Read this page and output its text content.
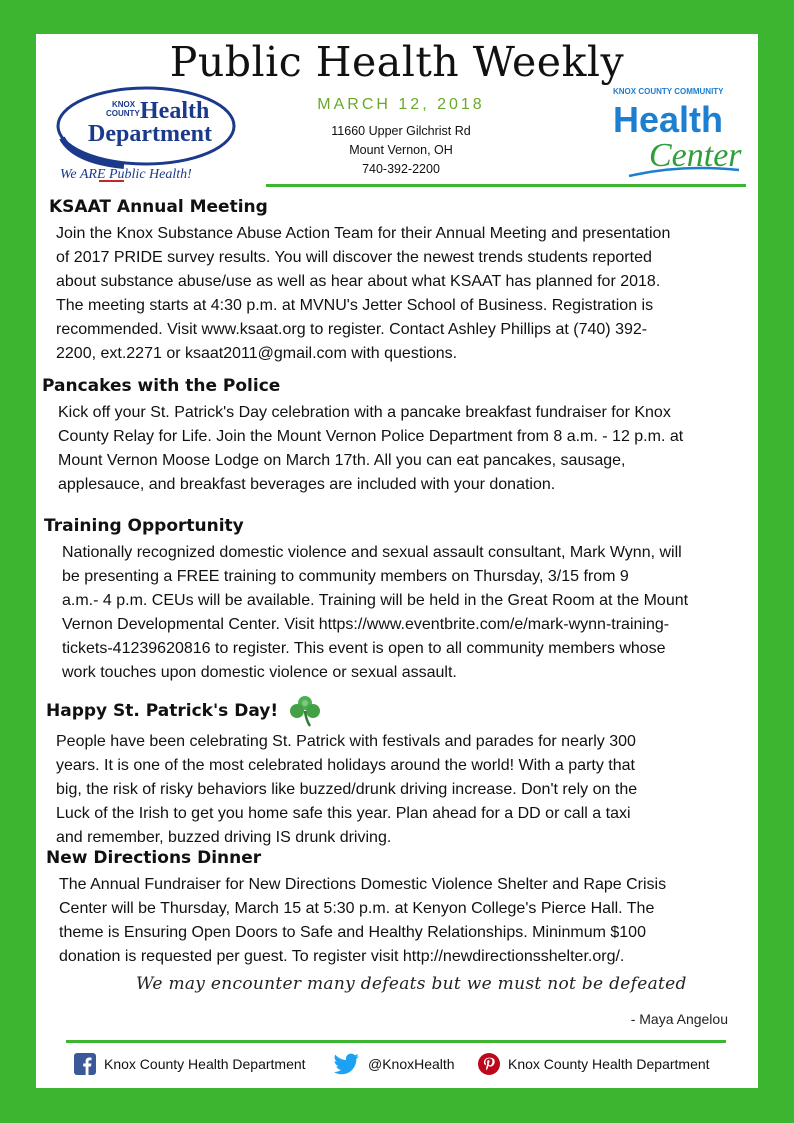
Public Health Weekly
KNOX
COUNTY Health
Department
We ARE Public Health!
MARCH 12, 2018
11660 Upper Gilchrist Rd
Mount Vernon, OH
740-392-2200
KNOX COUNTY COMMUNITY
Health
Center
KSAAT Annual Meeting

Join the Knox Substance Abuse Action Team for their Annual Meeting and presentation

of 2017 PRIDE survey results. You will discover the newest trends students reported

about substance abuse/use as well as hear about what KSAAT has planned for 2018.

The meeting starts at 4:30 p.m. at MVNU's Jetter School of Business. Registration is

recommended. Visit www.ksaat.org to register. Contact Ashley Phillips at (740) 392-

2200, ext.2271 or ksaat2011@gmail.com with questions.

Pancakes with the Police

Kick off your St. Patrick's Day celebration with a pancake breakfast fundraiser for Knox

County Relay for Life. Join the Mount Vernon Police Department from 8 a.m. - 12 p.m. at

Mount Vernon Moose Lodge on March 17th. All you can eat pancakes, sausage,

applesauce, and breakfast beverages are included with your donation.

Training Opportunity

Nationally recognized domestic violence and sexual assault consultant, Mark Wynn, will

be presenting a FREE training to community members on Thursday, 3/15 from 9

a.m.- 4 p.m. CEUs will be available. Training will be held in the Great Room at the Mount

Vernon Developmental Center. Visit https://www.eventbrite.com/e/mark-wynn-training-

tickets-41239620816 to register. This event is open to all community members whose

work touches upon domestic violence or sexual assault.

Happy St. Patrick's Day!

People have been celebrating St. Patrick with festivals and parades for nearly 300

years. It is one of the most celebrated holidays around the world! With a party that

big, the risk of risky behaviors like buzzed/drunk driving increase. Don't rely on the

Luck of the Irish to get you home safe this year. Plan ahead for a DD or call a taxi

and remember, buzzed driving IS drunk driving.

New Directions Dinner

The Annual Fundraiser for New Directions Domestic Violence Shelter and Rape Crisis

Center will be Thursday, March 15 at 5:30 p.m. at Kenyon College's Pierce Hall. The

theme is Ensuring Open Doors to Safe and Healthy Relationships. Mininmum $100

donation is requested per guest. To register visit http://newdirectionsshelter.org/.

We may encounter many defeats but we must not be defeated
- Maya Angelou
Knox County Health Department	@KnoxHealth	Knox County Health Department
